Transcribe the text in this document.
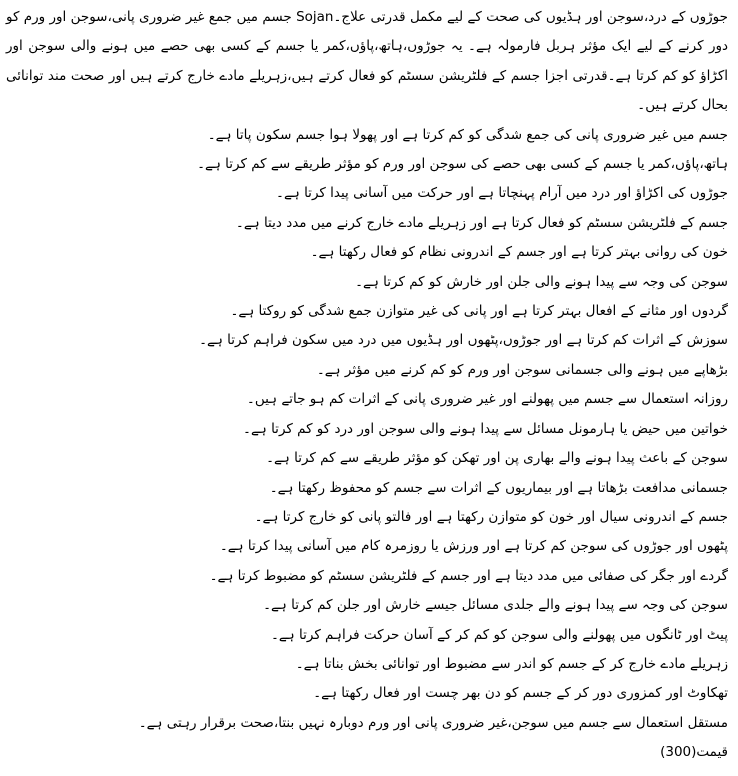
جوڑوں کے درد،سوجن اور ہڈیوں کی صحت کے لیے مکمل قدرتی علاج۔Sojan جسم میں جمع غیر ضروری پانی،سوجن اور ورم کو دور کرنے کے لیے ایک مؤثر ہربل فارمولہ ہے۔ یہ جوڑوں،ہاتھ،پاؤں،کمر یا جسم کے کسی بھی حصے میں ہونے والی سوجن اور اکڑاؤ کو کم کرتا ہے۔قدرتی اجزا جسم کے فلٹریشن سسٹم کو فعال کرتے ہیں،زہریلے مادے خارج کرتے ہیں اور صحت مند توانائی بحال کرتے ہیں۔

جسم میں غیر ضروری پانی کی جمع شدگی کو کم کرتا ہے اور پھولا ہوا جسم سکون پاتا ہے۔

ہاتھ،پاؤں،کمر یا جسم کے کسی بھی حصے کی سوجن اور ورم کو مؤثر طریقے سے کم کرتا ہے۔

جوڑوں کی اکڑاؤ اور درد میں آرام پہنچاتا ہے اور حرکت میں آسانی پیدا کرتا ہے۔

جسم کے فلٹریشن سسٹم کو فعال کرتا ہے اور زہریلے مادے خارج کرنے میں مدد دیتا ہے۔

خون کی روانی بہتر کرتا ہے اور جسم کے اندرونی نظام کو فعال رکھتا ہے۔

سوجن کی وجہ سے پیدا ہونے والی جلن اور خارش کو کم کرتا ہے۔

گردوں اور مثانے کے افعال بہتر کرتا ہے اور پانی کی غیر متوازن جمع شدگی کو روکتا ہے۔

سوزش کے اثرات کم کرتا ہے اور جوڑوں،پٹھوں اور ہڈیوں میں درد میں سکون فراہم کرتا ہے۔

بڑھاپے میں ہونے والی جسمانی سوجن اور ورم کو کم کرنے میں مؤثر ہے۔

روزانہ استعمال سے جسم میں پھولنے اور غیر ضروری پانی کے اثرات کم ہو جاتے ہیں۔

خواتین میں حیض یا ہارمونل مسائل سے پیدا ہونے والی سوجن اور درد کو کم کرتا ہے۔

سوجن کے باعث پیدا ہونے والے بھاری پن اور تھکن کو مؤثر طریقے سے کم کرتا ہے۔

جسمانی مدافعت بڑھاتا ہے اور بیماریوں کے اثرات سے جسم کو محفوظ رکھتا ہے۔

جسم کے اندرونی سیال اور خون کو متوازن رکھتا ہے اور فالتو پانی کو خارج کرتا ہے۔

پٹھوں اور جوڑوں کی سوجن کم کرتا ہے اور ورزش یا روزمرہ کام میں آسانی پیدا کرتا ہے۔

گردے اور جگر کی صفائی میں مدد دیتا ہے اور جسم کے فلٹریشن سسٹم کو مضبوط کرتا ہے۔

سوجن کی وجہ سے پیدا ہونے والے جلدی مسائل جیسے خارش اور جلن کم کرتا ہے۔

پیٹ اور ٹانگوں میں پھولنے والی سوجن کو کم کر کے آسان حرکت فراہم کرتا ہے۔

زہریلے مادے خارج کر کے جسم کو اندر سے مضبوط اور توانائی بخش بناتا ہے۔

تھکاوٹ اور کمزوری دور کر کے جسم کو دن بھر چست اور فعال رکھتا ہے۔

مستقل استعمال سے جسم میں سوجن،غیر ضروری پانی اور ورم دوبارہ نہیں بنتا،صحت برقرار رہتی ہے۔

قیمت(300)
